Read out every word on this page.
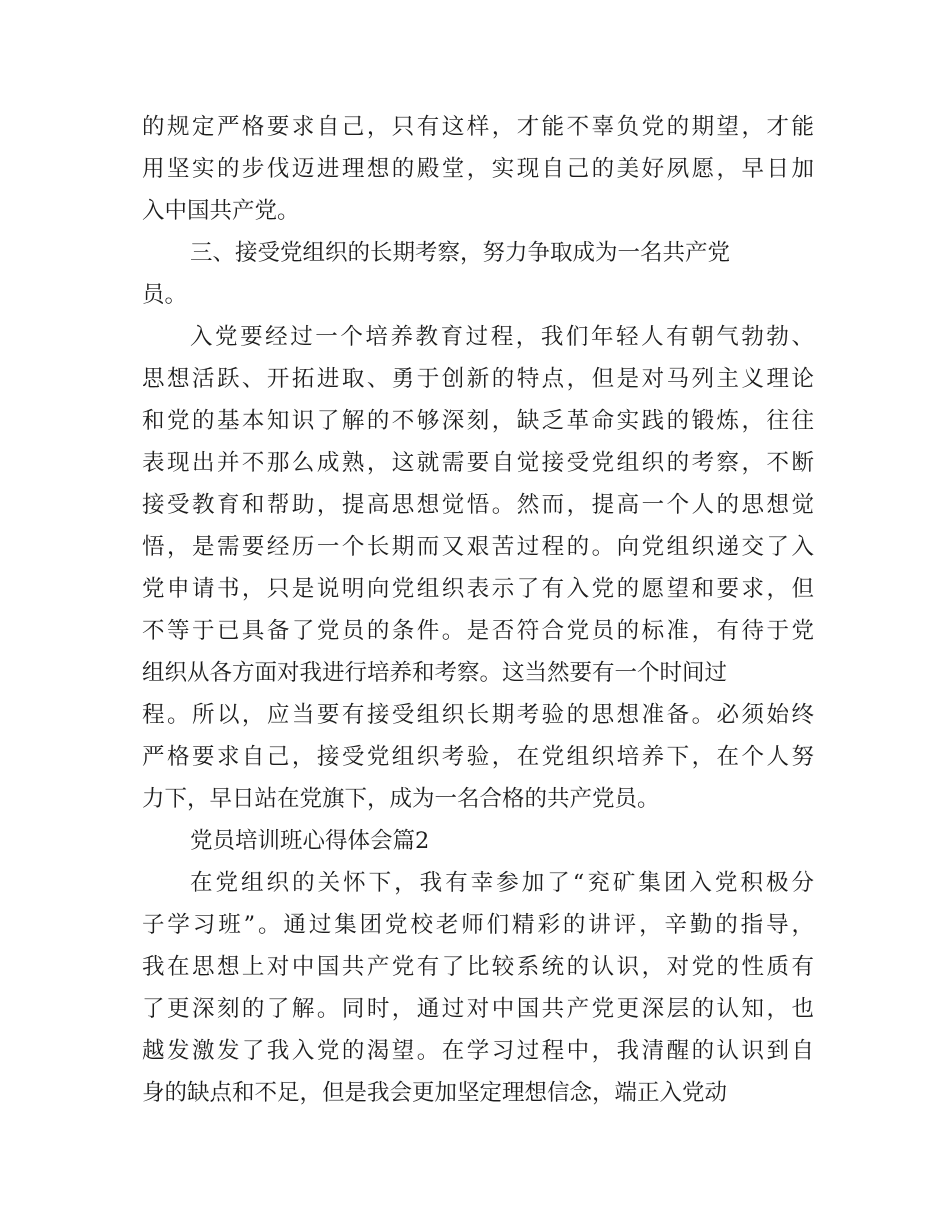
的规定严格要求自己，只有这样，才能不辜负党的期望，才能
用坚实的步伐迈进理想的殿堂，实现自己的美好夙愿，早日加
入中国共产党。
三、接受党组织的长期考察，努力争取成为一名共产党
员。
入党要经过一个培养教育过程，我们年轻人有朝气勃勃、
思想活跃、开拓进取、勇于创新的特点，但是对马列主义理论
和党的基本知识了解的不够深刻，缺乏革命实践的锻炼，往往
表现出并不那么成熟，这就需要自觉接受党组织的考察，不断
接受教育和帮助，提高思想觉悟。然而，提高一个人的思想觉
悟，是需要经历一个长期而又艰苦过程的。向党组织递交了入
党申请书，只是说明向党组织表示了有入党的愿望和要求，但
不等于已具备了党员的条件。是否符合党员的标准，有待于党
组织从各方面对我进行培养和考察。这当然要有一个时间过
程。所以，应当要有接受组织长期考验的思想准备。必须始终
严格要求自己，接受党组织考验，在党组织培养下，在个人努
力下，早日站在党旗下，成为一名合格的共产党员。
党员培训班心得体会篇2
在党组织的关怀下，我有幸参加了“兖矿集团入党积极分
子学习班”。通过集团党校老师们精彩的讲评，辛勤的指导，
我在思想上对中国共产党有了比较系统的认识，对党的性质有
了更深刻的了解。同时，通过对中国共产党更深层的认知，也
越发激发了我入党的渴望。在学习过程中，我清醒的认识到自
身的缺点和不足，但是我会更加坚定理想信念，端正入党动
